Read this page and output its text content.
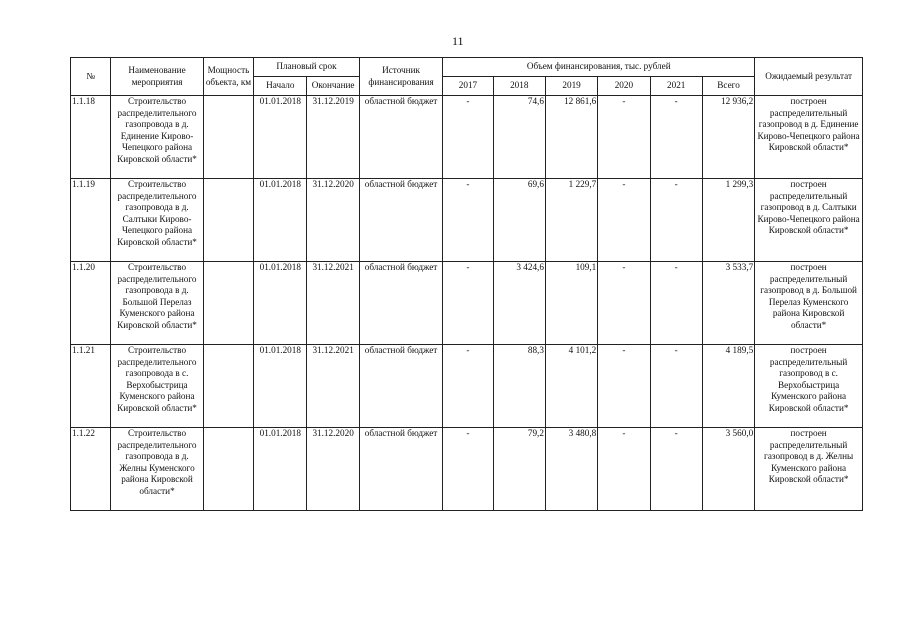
11
№	Наименование мероприятия	Мощность объекта, км	Плановый срок		Источник финансирования	Объем финансирования, тыс. рублей						Ожидаемый результат
			Начало	Окончание		2017	2018	2019	2020	2021	Всего	
1.1.18	Строительство распределительного газопровода в д. Единение Кирово-Чепецкого района Кировской области*		01.01.2018	31.12.2019	областной бюджет	-	74,6	12 861,6	-	-	12 936,2	построен распределительный газопровод в д. Единение Кирово-Чепецкого района Кировской области*
1.1.19	Строительство распределительного газопровода в д. Салтыки Кирово-Чепецкого района Кировской области*		01.01.2018	31.12.2020	областной бюджет	-	69,6	1 229,7	-	-	1 299,3	построен распределительный газопровод в д. Салтыки Кирово-Чепецкого района Кировской области*
1.1.20	Строительство распределительного газопровода в д. Большой Перелаз Куменского района Кировской области*		01.01.2018	31.12.2021	областной бюджет	-	3 424,6	109,1	-	-	3 533,7	построен распределительный газопровод в д. Большой Перелаз Куменского района Кировской области*
1.1.21	Строительство распределительного газопровода в с. Верхобыстрица Куменского района Кировской области*		01.01.2018	31.12.2021	областной бюджет	-	88,3	4 101,2	-	-	4 189,5	построен распределительный газопровод в с. Верхобыстрица Куменского района Кировской области*
1.1.22	Строительство распределительного газопровода в д. Желны Куменского района Кировской области*		01.01.2018	31.12.2020	областной бюджет	-	79,2	3 480,8	-	-	3 560,0	построен распределительный газопровод в д. Желны Куменского района Кировской области*
